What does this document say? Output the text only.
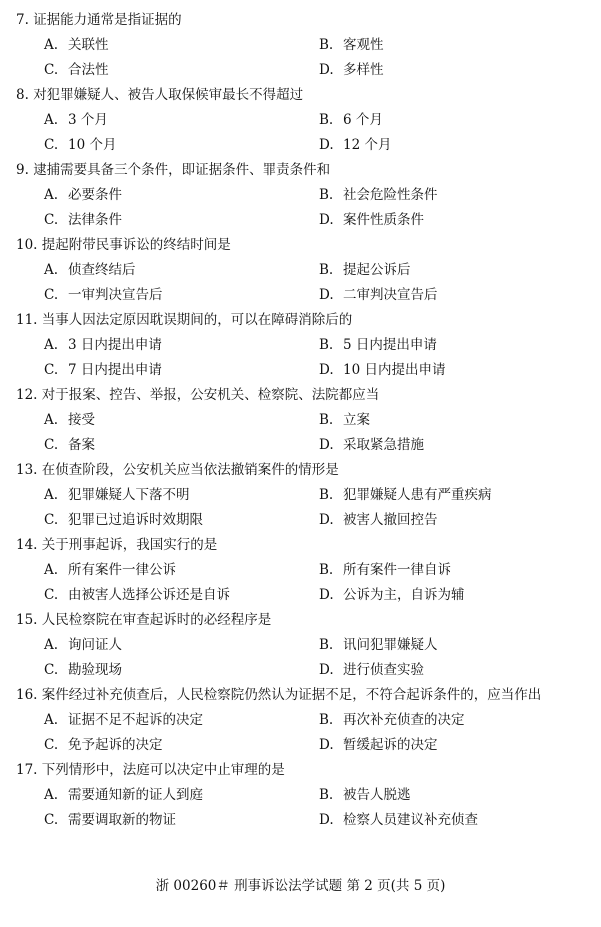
7. 证据能力通常是指证据的
A. 关联性	B. 客观性
C. 合法性	D. 多样性
8. 对犯罪嫌疑人、被告人取保候审最长不得超过
A. 3 个月	B. 6 个月
C. 10 个月	D. 12 个月
9. 逮捕需要具备三个条件，即证据条件、罪责条件和
A. 必要条件	B. 社会危险性条件
C. 法律条件	D. 案件性质条件
10. 提起附带民事诉讼的终结时间是
A. 侦查终结后	B. 提起公诉后
C. 一审判决宣告后	D. 二审判决宣告后
11. 当事人因法定原因耽误期间的，可以在障碍消除后的
A. 3 日内提出申请	B. 5 日内提出申请
C. 7 日内提出申请	D. 10 日内提出申请
12. 对于报案、控告、举报，公安机关、检察院、法院都应当
A. 接受	B. 立案
C. 备案	D. 采取紧急措施
13. 在侦查阶段，公安机关应当依法撤销案件的情形是
A. 犯罪嫌疑人下落不明	B. 犯罪嫌疑人患有严重疾病
C. 犯罪已过追诉时效期限	D. 被害人撤回控告
14. 关于刑事起诉，我国实行的是
A. 所有案件一律公诉	B. 所有案件一律自诉
C. 由被害人选择公诉还是自诉	D. 公诉为主，自诉为辅
15. 人民检察院在审查起诉时的必经程序是
A. 询问证人	B. 讯问犯罪嫌疑人
C. 勘验现场	D. 进行侦查实验
16. 案件经过补充侦查后，人民检察院仍然认为证据不足，不符合起诉条件的，应当作出
A. 证据不足不起诉的决定	B. 再次补充侦查的决定
C. 免予起诉的决定	D. 暂缓起诉的决定
17. 下列情形中，法庭可以决定中止审理的是
A. 需要通知新的证人到庭	B. 被告人脱逃
C. 需要调取新的物证	D. 检察人员建议补充侦查
浙 00260＃ 刑事诉讼法学试题 第 2 页(共 5 页)
